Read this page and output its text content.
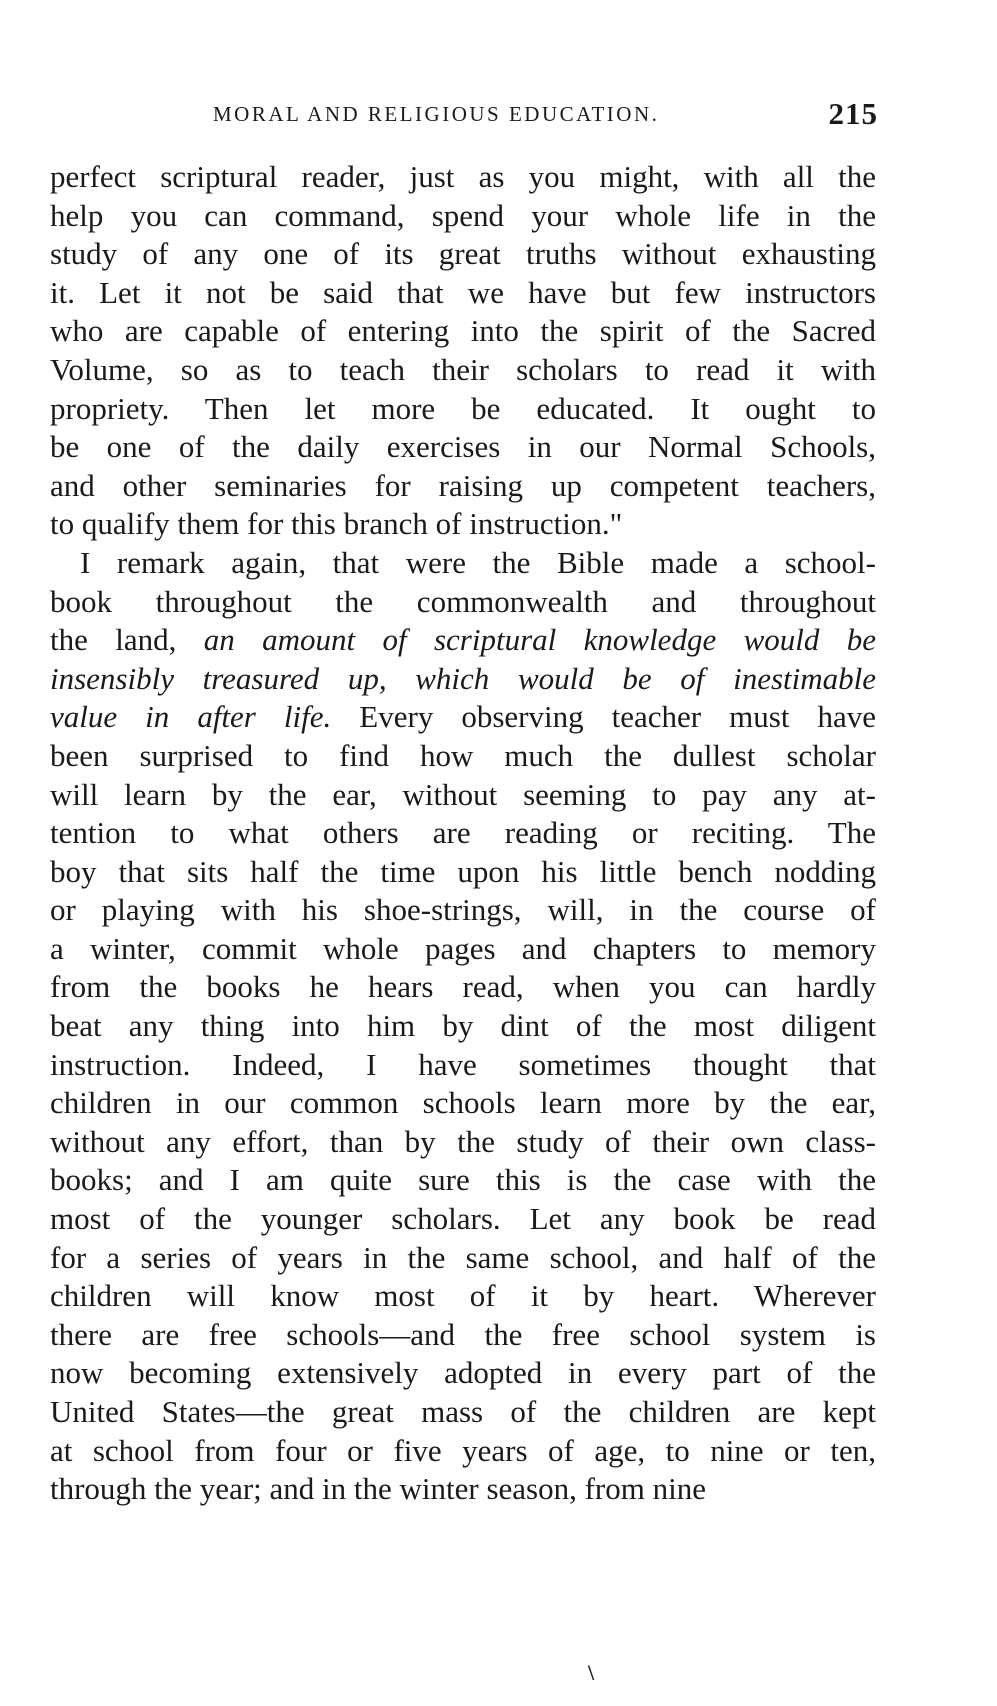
MORAL AND RELIGIOUS EDUCATION.	215

perfect scriptural reader, just as you might, with all the

help you can command, spend your whole life in the

study of any one of its great truths without exhausting

it. Let it not be said that we have but few instructors

who are capable of entering into the spirit of the Sacred

Volume, so as to teach their scholars to read it with

propriety. Then let more be educated. It ought to

be one of the daily exercises in our Normal Schools,

and other seminaries for raising up competent teachers,

to qualify them for this branch of instruction."

I remark again, that were the Bible made a school-

book throughout the commonwealth and throughout

the land, an amount of scriptural knowledge would be

insensibly treasured up, which would be of inestimable

value in after life. Every observing teacher must have

been surprised to find how much the dullest scholar

will learn by the ear, without seeming to pay any at-

tention to what others are reading or reciting. The

boy that sits half the time upon his little bench nodding

or playing with his shoe-strings, will, in the course of

a winter, commit whole pages and chapters to memory

from the books he hears read, when you can hardly

beat any thing into him by dint of the most diligent

instruction. Indeed, I have sometimes thought that

children in our common schools learn more by the ear,

without any effort, than by the study of their own class-

books; and I am quite sure this is the case with the

most of the younger scholars. Let any book be read

for a series of years in the same school, and half of the

children will know most of it by heart. Wherever

there are free schools—and the free school system is

now becoming extensively adopted in every part of the

United States—the great mass of the children are kept

at school from four or five years of age, to nine or ten,

through the year; and in the winter season, from nine

\
